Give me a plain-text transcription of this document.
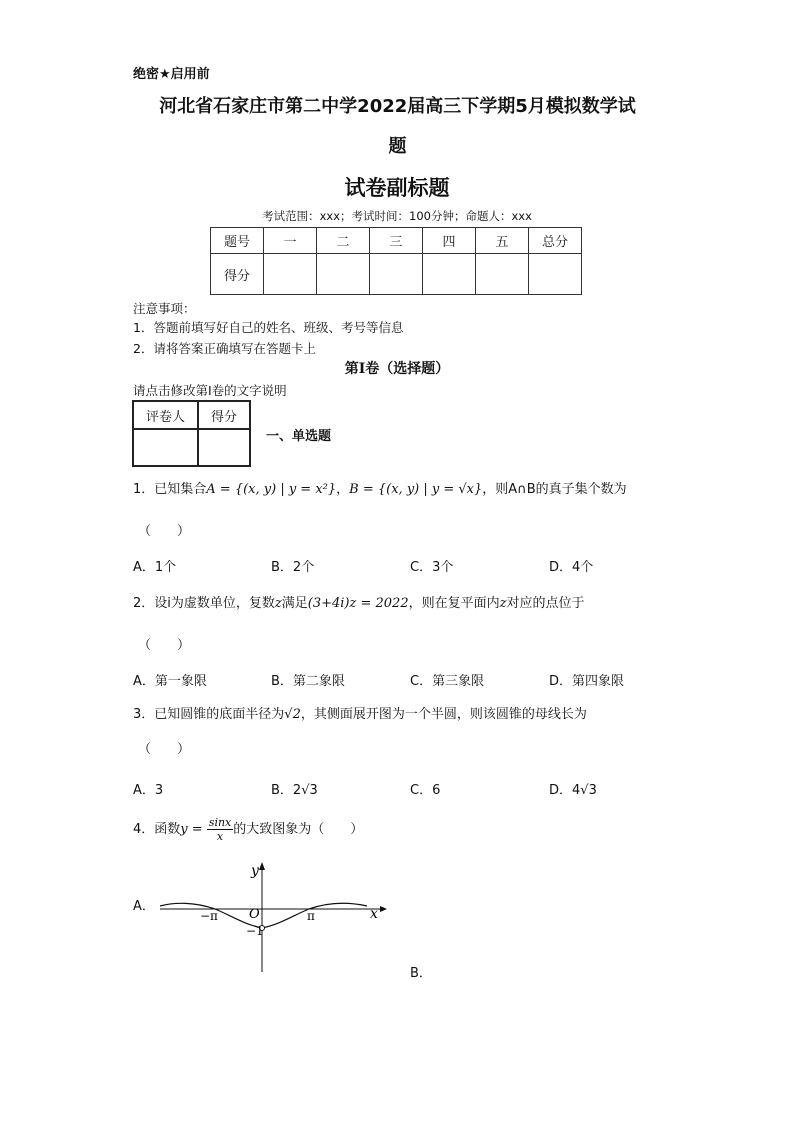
绝密★启用前
河北省石家庄市第二中学2022届高三下学期5月模拟数学试
题
试卷副标题
考试范围：xxx；考试时间：100分钟；命题人：xxx
题号	一	二	三	四	五	总分
得分						
注意事项：
1．答题前填写好自己的姓名、班级、考号等信息
2．请将答案正确填写在答题卡上
第I卷（选择题）
请点击修改第I卷的文字说明
评卷人	得分

一、单选题
1．已知集合A = {(x, y) | y = x²}，B = {(x, y) | y = √x}，则A∩B的真子集个数为
（　　）
A．1个	B．2个	C．3个	D．4个
2．设i为虚数单位，复数z满足(3+4i)z = 2022，则在复平面内z对应的点位于
（　　）
A．第一象限	B．第二象限	C．第三象限	D．第四象限
3．已知圆锥的底面半径为√2，其侧面展开图为一个半圆，则该圆锥的母线长为
（　　）
A．3	B．2√3	C．6	D．4√3
4．函数$y = \frac{\sin x}{x}$ 的大致图象为（　　）
A．
y
x
O
−π	π
−1
B．
